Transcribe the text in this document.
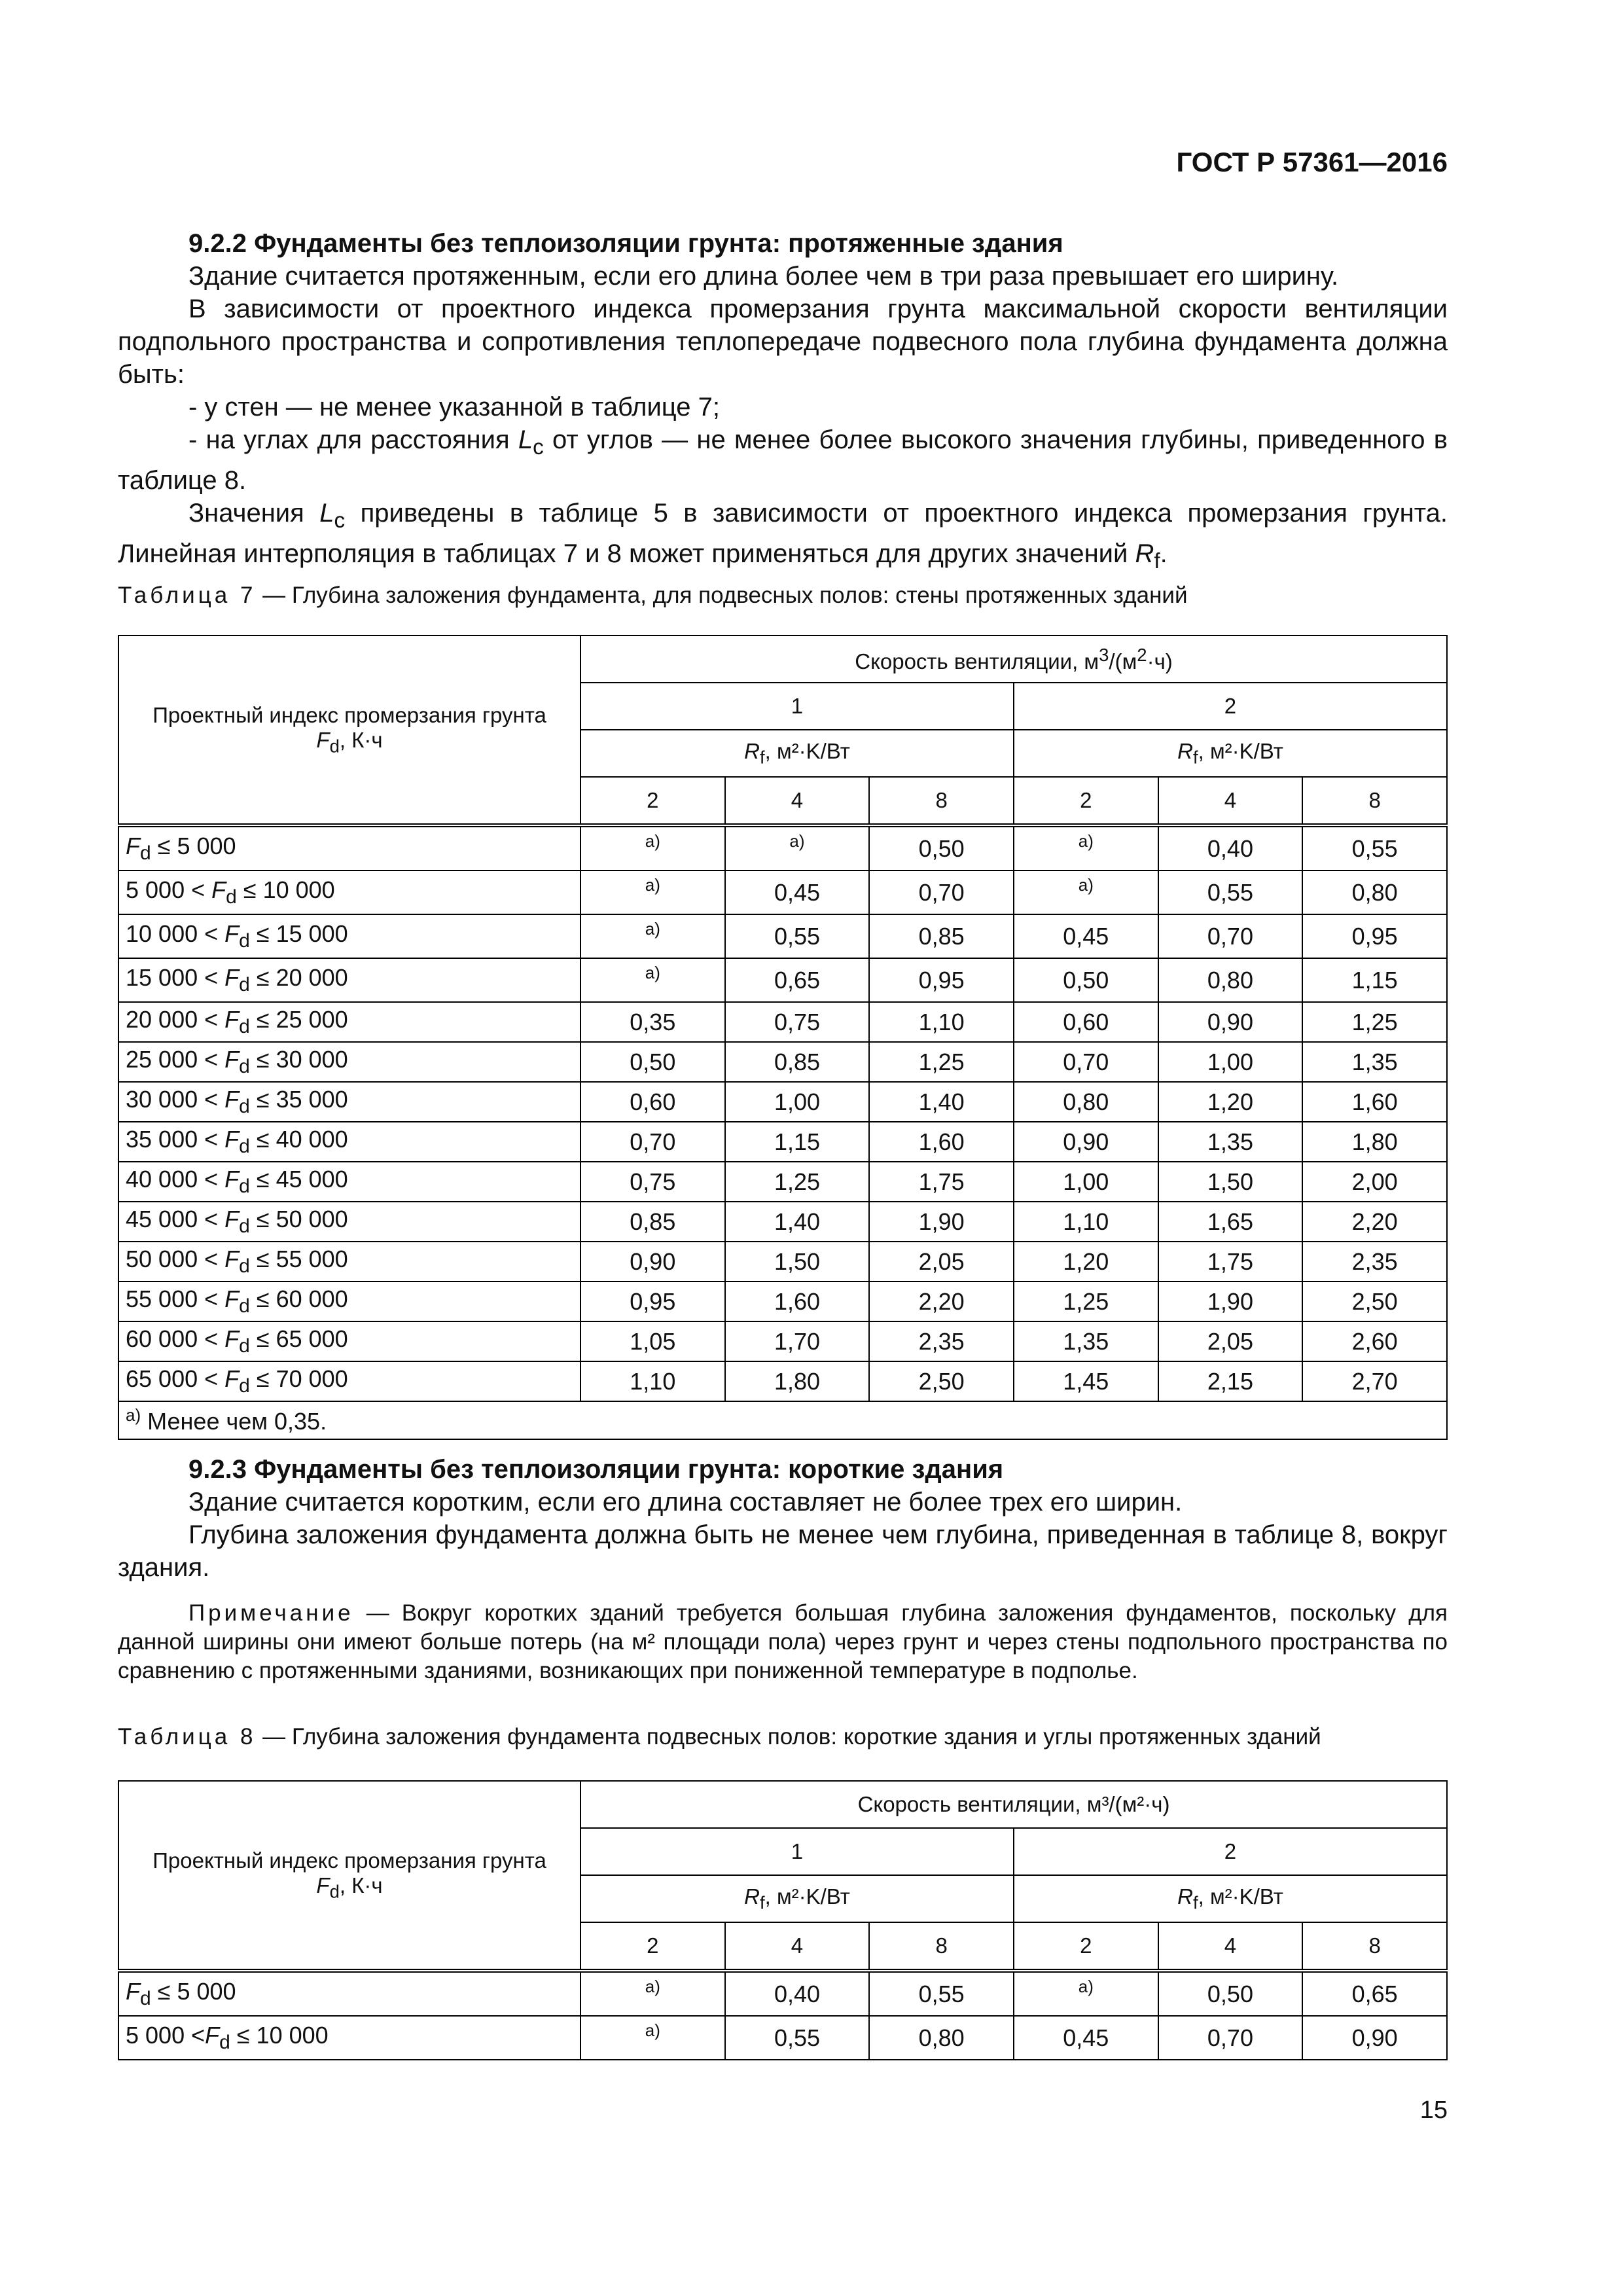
ГОСТ Р 57361—2016

9.2.2 Фундаменты без теплоизоляции грунта: протяженные здания

Здание считается протяженным, если его длина более чем в три раза превышает его ширину.

В зависимости от проектного индекса промерзания грунта максимальной скорости вентиляции подпольного пространства и сопротивления теплопередаче подвесного пола глубина фундамента должна быть:

- у стен — не менее указанной в таблице 7;

- на углах для расстояния $L_c$ от углов — не менее более высокого значения глубины, приведенного в таблице 8.

Значения $L_c$ приведены в таблице 5 в зависимости от проектного индекса промерзания грунта. Линейная интерполяция в таблицах 7 и 8 может применяться для других значений $R_f$.

Таблица 7 — Глубина заложения фундамента, для подвесных полов: стены протяженных зданий
Проектный индекс промерзания грунта
$F_d$, К·ч	Скорость вентиляции, $м^3/(м^2\cdot ч)$					
	1			2		
	$R_f$, м²·K/Вт			$R_f$, м²·K/Вт		
	2	4	8	2	4	8
$F_d \le 5$ 000	а)	а)	0,50	а)	0,40	0,55
5 $000 < F_d \le 10$ 000	а)	0,45	0,70	а)	0,55	0,80
10 $000 < F_d \le 15$ 000	а)	0,55	0,85	0,45	0,70	0,95
15 $000 < F_d \le 20$ 000	а)	0,65	0,95	0,50	0,80	1,15
20 $000 < F_d \le 25$ 000	0,35	0,75	1,10	0,60	0,90	1,25
25 $000 < F_d \le 30$ 000	0,50	0,85	1,25	0,70	1,00	1,35
30 $000 < F_d \le 35$ 000	0,60	1,00	1,40	0,80	1,20	1,60
35 $000 < F_d \le 40$ 000	0,70	1,15	1,60	0,90	1,35	1,80
40 $000 < F_d \le 45$ 000	0,75	1,25	1,75	1,00	1,50	2,00
45 $000 < F_d \le 50$ 000	0,85	1,40	1,90	1,10	1,65	2,20
50 $000 < F_d \le 55$ 000	0,90	1,50	2,05	1,20	1,75	2,35
55 $000 < F_d \le 60$ 000	0,95	1,60	2,20	1,25	1,90	2,50
60 $000 < F_d \le 65$ 000	1,05	1,70	2,35	1,35	2,05	2,60
65 $000 < F_d \le 70$ 000	1,10	1,80	2,50	1,45	2,15	2,70
$^{а)}$ Менее чем 0,35.						

9.2.3 Фундаменты без теплоизоляции грунта: короткие здания

Здание считается коротким, если его длина составляет не более трех его ширин.

Глубина заложения фундамента должна быть не менее чем глубина, приведенная в таблице 8, вокруг здания.

Примечание — Вокруг коротких зданий требуется большая глубина заложения фундаментов, поскольку для данной ширины они имеют больше потерь (на м² площади пола) через грунт и через стены подпольного пространства по сравнению с протяженными зданиями, возникающих при пониженной температуре в подполье.

Таблица 8 — Глубина заложения фундамента подвесных полов: короткие здания и углы протяженных зданий
Проектный индекс промерзания грунта
$F_d$, К·ч	Скорость вентиляции, м³/(м²·ч)					
	1			2		
	$R_f$, м²·K/Вт			$R_f$, м²·K/Вт		
	2	4	8	2	4	8
$F_d \le 5$ 000	а)	0,40	0,55	а)	0,50	0,65
5 $000 <F_d \le 10$ 000	а)	0,55	0,80	0,45	0,70	0,90
15
